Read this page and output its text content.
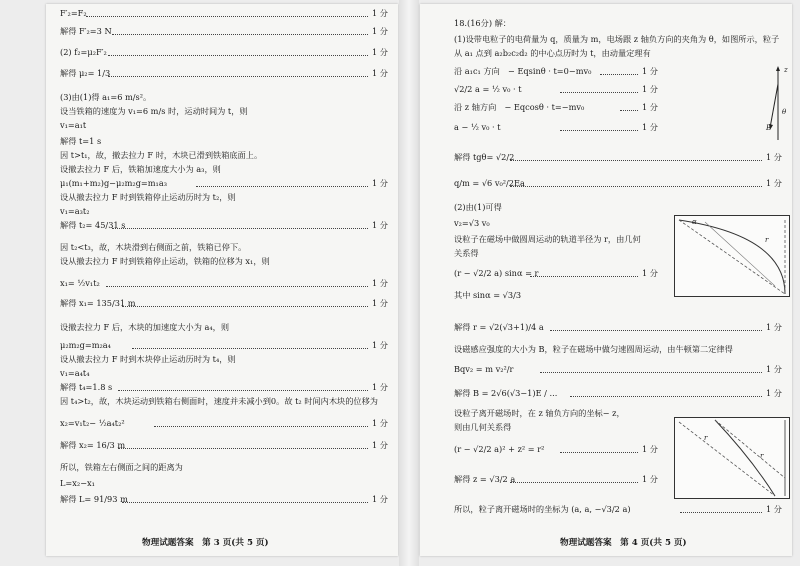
F′₂=F₂	1 分
解得 F′₂=3 N	1 分
(2) f₂=μ₂F′₂	1 分
解得 μ₂= 1/3	1 分
(3)由(1)得 a₁=6 m/s²。
设当铁箱的速度为 v₁=6 m/s 时，运动时间为 t，则
v₁=a₁t
解得 t=1 s
因 t>t₁，故，撤去拉力 F 时，木块已滑到铁箱底面上。
设撤去拉力 F 后，铁箱加速度大小为 a₃，则
μ₁(m₁+m₂)g−μ₂m₂g=m₁a₃	1 分
设从撤去拉力 F 时到铁箱停止运动历时为 t₂，则
v₁=a₃t₂
解得 t₂= 45/31 s	1 分
因 t₂<t₃，故，木块滑到右侧面之前，铁箱已停下。
设从撤去拉力 F 时到铁箱停止运动，铁箱的位移为 x₁，则
x₁= ½v₁t₂	1 分
解得 x₁= 135/31 m	1 分
设撤去拉力 F 后，木块的加速度大小为 a₄，则
μ₂m₂g=m₂a₄	1 分
设从撤去拉力 F 时到木块停止运动历时为 t₄，则
v₁=a₄t₄
解得 t₄=1.8 s	1 分
因 t₄>t₂，故，木块运动到铁箱右侧面时，速度并未减小到0。故 t₂ 时间内木块的位移为
x₂=v₁t₂− ½a₄t₂²	1 分
解得 x₂= 16/3 m	1 分
所以，铁箱左右侧面之间的距离为
L=x₂−x₁
解得 L= 91/93 m	1 分
物理试题答案　第 3 页(共 5 页)
18.(16分) 解：
(1)设带电粒子的电荷量为 q，质量为 m，电场跟 z 轴负方向的夹角为 θ，如图所示，粒子
从 a₁ 点到 a₂b₂c₂d₂ 的中心点历时为 t，由动量定理有
沿 a₁c₁ 方向　− Eqsinθ · t=0−mv₀	1 分
√2/2 a = ½ v₀ · t	1 分
沿 z 轴方向　− Eqcosθ · t=−mv₀	1 分
a − ½ v₀ · t	1 分
解得 tgθ= √2/2	1 分
q/m = √6 v₀²/2Ea	1 分
(2)由(1)可得
v₂=√3 v₀
设粒子在磁场中做圆周运动的轨道半径为 r，由几何
关系得
(r − √2/2 a) sinα = r	1 分
其中 sinα = √3/3
解得 r = √2(√3+1)/4 a	1 分
设磁感应强度的大小为 B，粒子在磁场中做匀速圆周运动，由牛顿第二定律得
Bqv₂ = m v₂²/r	1 分
解得 B = 2√6(√3−1)E / ...	1 分
设粒子离开磁场时，在 z 轴负方向的坐标− z，
则由几何关系得
(r − √2/2 a)² + z² = r²	1 分
解得 z = √3/2 a	1 分
所以，粒子离开磁场时的坐标为 (a, a, −√3/2 a)	1 分
z
θ
E
α
r
r
r
物理试题答案　第 4 页(共 5 页)
